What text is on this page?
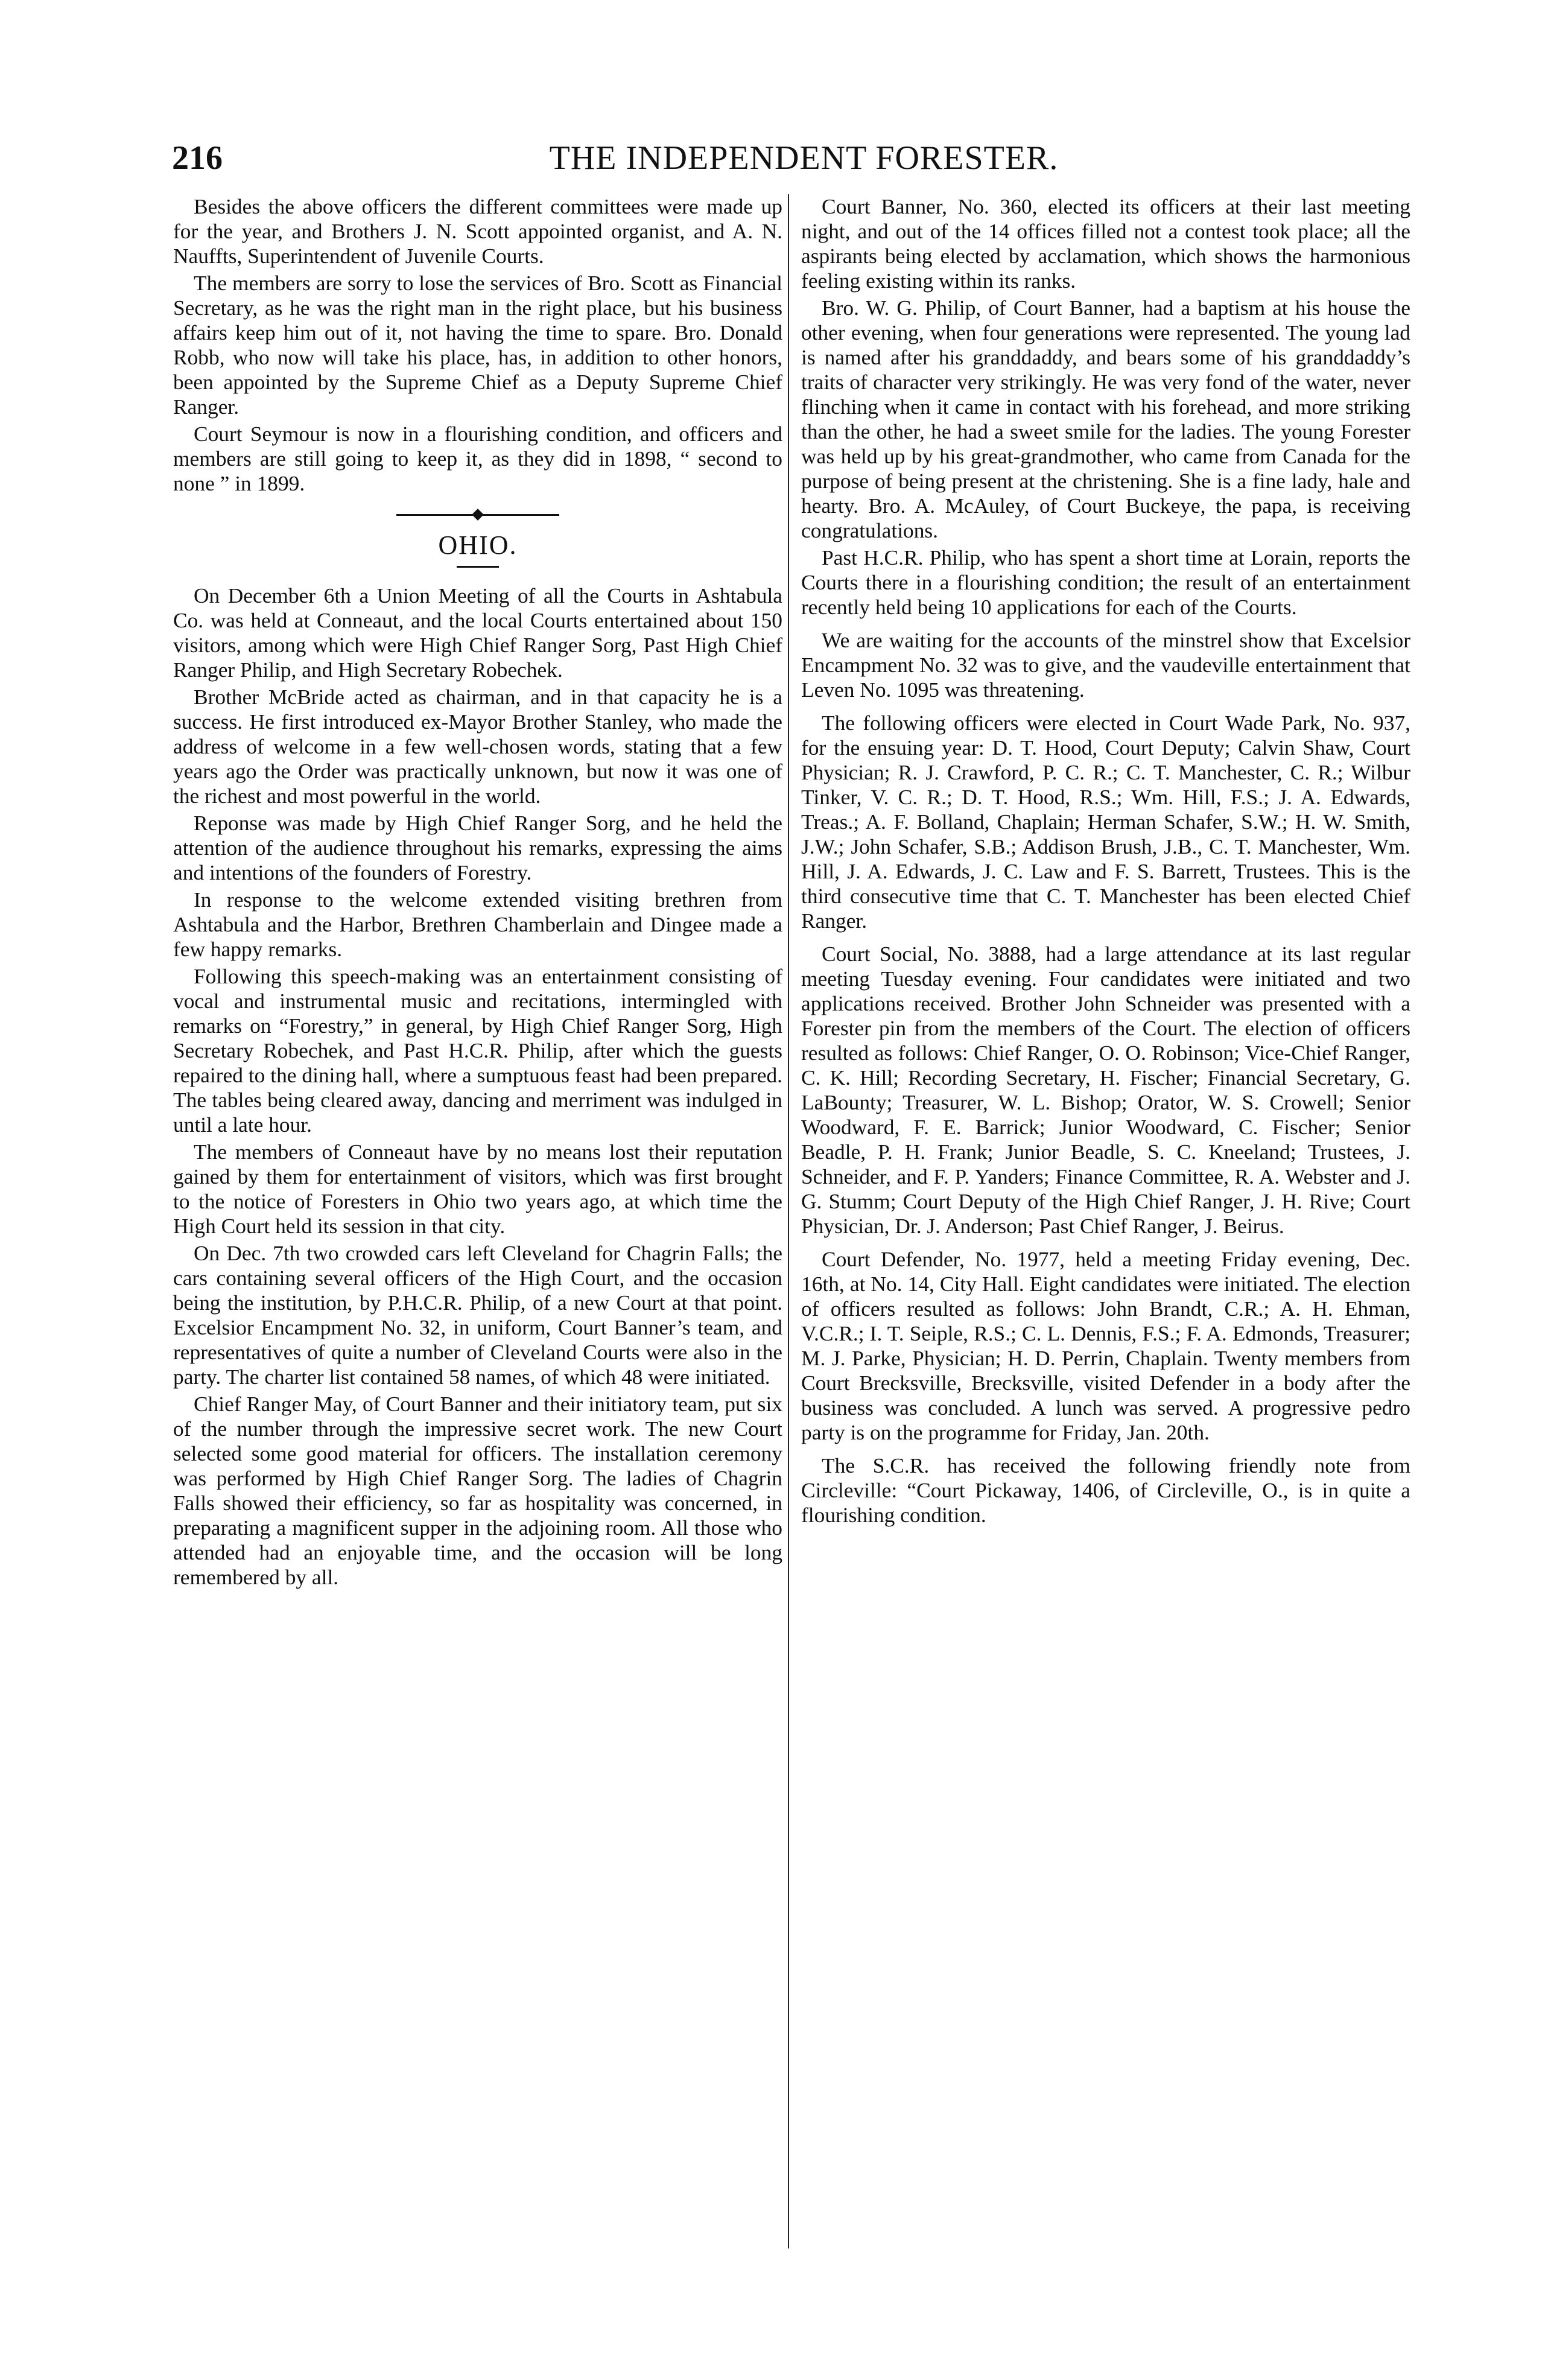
216	THE INDEPENDENT FORESTER.

Besides the above officers the different committees were made up for the year, and Brothers J. N. Scott appointed organist, and A. N. Nauffts, Superintendent of Juvenile Courts.

The members are sorry to lose the services of Bro. Scott as Financial Secretary, as he was the right man in the right place, but his business affairs keep him out of it, not having the time to spare. Bro. Donald Robb, who now will take his place, has, in addition to other honors, been appointed by the Supreme Chief as a Deputy Supreme Chief Ranger.

Court Seymour is now in a flourishing condition, and officers and members are still going to keep it, as they did in 1898, “ second to none ” in 1899.

OHIO.

On December 6th a Union Meeting of all the Courts in Ashtabula Co. was held at Conneaut, and the local Courts entertained about 150 visitors, among which were High Chief Ranger Sorg, Past High Chief Ranger Philip, and High Secretary Robechek.

Brother McBride acted as chairman, and in that capacity he is a success. He first introduced ex-Mayor Brother Stanley, who made the address of welcome in a few well-chosen words, stating that a few years ago the Order was practically unknown, but now it was one of the richest and most powerful in the world.

Reponse was made by High Chief Ranger Sorg, and he held the attention of the audience throughout his remarks, expressing the aims and intentions of the founders of Forestry.

In response to the welcome extended visiting brethren from Ashtabula and the Harbor, Brethren Chamberlain and Dingee made a few happy remarks.

Following this speech-making was an entertainment consisting of vocal and instrumental music and recitations, intermingled with remarks on “Forestry,” in general, by High Chief Ranger Sorg, High Secretary Robechek, and Past H.C.R. Philip, after which the guests repaired to the dining hall, where a sumptuous feast had been prepared. The tables being cleared away, dancing and merriment was indulged in until a late hour.

The members of Conneaut have by no means lost their reputation gained by them for entertainment of visitors, which was first brought to the notice of Foresters in Ohio two years ago, at which time the High Court held its session in that city.

On Dec. 7th two crowded cars left Cleveland for Chagrin Falls; the cars containing several officers of the High Court, and the occasion being the institution, by P.H.C.R. Philip, of a new Court at that point. Excelsior Encampment No. 32, in uniform, Court Banner’s team, and representatives of quite a number of Cleveland Courts were also in the party. The charter list contained 58 names, of which 48 were initiated.

Chief Ranger May, of Court Banner and their initiatory team, put six of the number through the impressive secret work. The new Court selected some good material for officers. The installation ceremony was performed by High Chief Ranger Sorg. The ladies of Chagrin Falls showed their efficiency, so far as hospitality was concerned, in preparating a magnificent supper in the adjoining room. All those who attended had an enjoyable time, and the occasion will be long remembered by all.

Court Banner, No. 360, elected its officers at their last meeting night, and out of the 14 offices filled not a contest took place; all the aspirants being elected by acclamation, which shows the harmonious feeling existing within its ranks.

Bro. W. G. Philip, of Court Banner, had a baptism at his house the other evening, when four generations were represented. The young lad is named after his granddaddy, and bears some of his granddaddy’s traits of character very strikingly. He was very fond of the water, never flinching when it came in contact with his forehead, and more striking than the other, he had a sweet smile for the ladies. The young Forester was held up by his great-grandmother, who came from Canada for the purpose of being present at the christening. She is a fine lady, hale and hearty. Bro. A. McAuley, of Court Buckeye, the papa, is receiving congratulations.

Past H.C.R. Philip, who has spent a short time at Lorain, reports the Courts there in a flourishing condition; the result of an entertainment recently held being 10 applications for each of the Courts.

We are waiting for the accounts of the minstrel show that Excelsior Encampment No. 32 was to give, and the vaudeville entertainment that Leven No. 1095 was threatening.

The following officers were elected in Court Wade Park, No. 937, for the ensuing year: D. T. Hood, Court Deputy; Calvin Shaw, Court Physician; R. J. Crawford, P. C. R.; C. T. Manchester, C. R.; Wilbur Tinker, V. C. R.; D. T. Hood, R.S.; Wm. Hill, F.S.; J. A. Edwards, Treas.; A. F. Bolland, Chaplain; Herman Schafer, S.W.; H. W. Smith, J.W.; John Schafer, S.B.; Addison Brush, J.B., C. T. Manchester, Wm. Hill, J. A. Edwards, J. C. Law and F. S. Barrett, Trustees. This is the third consecutive time that C. T. Manchester has been elected Chief Ranger.

Court Social, No. 3888, had a large attendance at its last regular meeting Tuesday evening. Four candidates were initiated and two applications received. Brother John Schneider was presented with a Forester pin from the members of the Court. The election of officers resulted as follows: Chief Ranger, O. O. Robinson; Vice-Chief Ranger, C. K. Hill; Recording Secretary, H. Fischer; Financial Secretary, G. LaBounty; Treasurer, W. L. Bishop; Orator, W. S. Crowell; Senior Woodward, F. E. Barrick; Junior Woodward, C. Fischer; Senior Beadle, P. H. Frank; Junior Beadle, S. C. Kneeland; Trustees, J. Schneider, and F. P. Yanders; Finance Committee, R. A. Webster and J. G. Stumm; Court Deputy of the High Chief Ranger, J. H. Rive; Court Physician, Dr. J. Anderson; Past Chief Ranger, J. Beirus.

Court Defender, No. 1977, held a meeting Friday evening, Dec. 16th, at No. 14, City Hall. Eight candidates were initiated. The election of officers resulted as follows: John Brandt, C.R.; A. H. Ehman, V.C.R.; I. T. Seiple, R.S.; C. L. Dennis, F.S.; F. A. Edmonds, Treasurer; M. J. Parke, Physician; H. D. Perrin, Chaplain. Twenty members from Court Brecksville, Brecksville, visited Defender in a body after the business was concluded. A lunch was served. A progressive pedro party is on the programme for Friday, Jan. 20th.

The S.C.R. has received the following friendly note from Circleville: “Court Pickaway, 1406, of Circleville, O., is in quite a flourishing condition.
